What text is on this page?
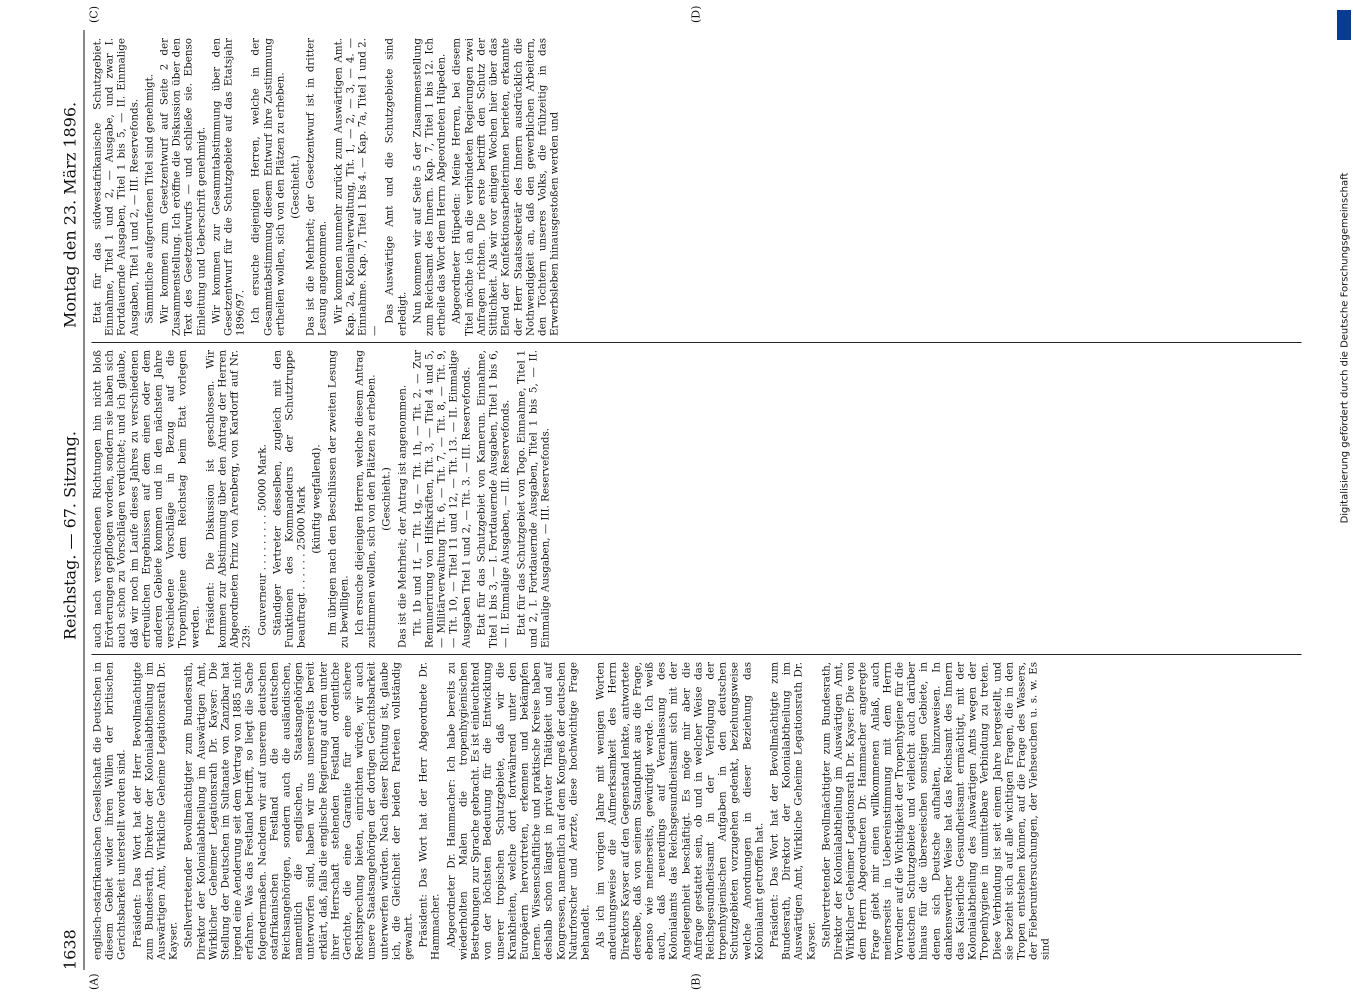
1638
Reichstag. — 67. Sitzung.
Montag den 23. März 1896.
(A)	(B)
(C)	(D)

englisch-ostafrikanischen Gesellschaft die Deutschen in diesem Gebiet wider ihren Willen der britischen Gerichtsbarkeit unterstellt worden sind. Präsident: Das Wort hat der Herr Bevollmächtigte zum Bundesrath, Direktor der Kolonialabtheilung im Auswärtigen Amt, Wirkliche Geheime Legationsrath Dr. Kayser. Stellvertretender Bevollmächtigter zum Bundesrath, Direktor der Kolonialabtheilung im Auswärtigen Amt, Wirklicher Geheimer Legationsrath Dr. Kayser: Die Stellung der Deutschen im Sultanate von Zanzibar hat irgend eine Aenderung seit dem Vertrag von 1885 nicht erfahren. Was das Festland betrifft, so liegt die Sache folgendermaßen. Nachdem wir auf unserem deutschen ostafrikanischen Festland die deutschen Reichsangehörigen, sondern auch die ausländischen, namentlich die englischen, Staatsangehörigen unterworfen sind, haben wir uns unsererseits bereit erklärt, daß, falls die englische Regierung auf dem unter ihrer Herrschaft stehenden Festland ordentliche Gerichte, die eine Garantie für eine sichere Rechtsprechung bieten, einrichten würde, wir auch unsere Staatsangehörigen der dortigen Gerichtsbarkeit unterwerfen würden. Nach dieser Richtung ist, glaube ich, die Gleichheit der beiden Parteien vollständig gewahrt. Präsident: Das Wort hat der Herr Abgeordnete Dr. Hammacher. Abgeordneter Dr. Hammacher: Ich habe bereits zu wiederholten Malen die tropenhygienischen Bestrebungen zur Sprache gebracht. Es ist einleuchtend von der höchsten Bedeutung für die Entwicklung unserer tropischen Schutzgebiete, daß wir die Krankheiten, welche dort fortwährend unter den Europäern hervortreten, erkennen und bekämpfen lernen. Wissenschaftliche und praktische Kreise haben deshalb schon längst in privater Thätigkeit und auf Kongressen, namentlich auf dem Kongreß der deutschen Naturforscher und Aerzte, diese hochwichtige Frage behandelt. Als ich im vorigen Jahre mit wenigen Worten andeutungsweise die Aufmerksamkeit des Herrn Direktors Kayser auf den Gegenstand lenkte, antwortete derselbe, daß von seinem Standpunkt aus die Frage, ebenso wie meinerseits, gewürdigt werde. Ich weiß auch, daß neuerdings auf Veranlassung des Kolonialamts das Reichsgesundheitsamt sich mit der Angelegenheit beschäftigt. Es möge mir aber die Anfrage gestattet sein, ob und in welcher Weise das Reichsgesundheitsamt in der Verfolgung der tropenhygienischen Aufgaben in den deutschen Schutzgebieten vorzugehen gedenkt, beziehungsweise welche Anordnungen in dieser Beziehung das Kolonialamt getroffen hat. Präsident: Das Wort hat der Bevollmächtigte zum Bundesrath, Direktor der Kolonialabtheilung im Auswärtigen Amt, Wirkliche Geheime Legationsrath Dr. Kayser. Stellvertretender Bevollmächtigter zum Bundesrath, Direktor der Kolonialabtheilung im Auswärtigen Amt, Wirklicher Geheimer Legationsrath Dr. Kayser: Die von dem Herrn Abgeordneten Dr. Hammacher angeregte Frage giebt mir einen willkommenen Anlaß, auch meinerseits in Uebereinstimmung mit dem Herrn Vorredner auf die Wichtigkeit der Tropenhygiene für die deutschen Schutzgebiete und vielleicht auch darüber hinaus für die überseeischen sonstigen Gebiete, in denen sich Deutsche aufhalten, hinzuweisen. In dankenswerther Weise hat das Reichsamt des Innern das Kaiserliche Gesundheitsamt ermächtigt, mit der Kolonialabtheilung des Auswärtigen Amts wegen der Tropenhygiene in unmittelbare Verbindung zu treten. Diese Verbindung ist seit einem Jahre hergestellt, und sie bezieht sich auf alle wichtigen Fragen, die in den Tropen entstehen können, auf die Frage des Wassers, der Fieberuntersuchungen, der Viehseuchen u. s. w. Es sind

auch nach verschiedenen Richtungen hin nicht bloß Erörterungen gepflogen worden, sondern sie haben sich auch schon zu Vorschlägen verdichtet; und ich glaube, daß wir noch im Laufe dieses Jahres zu verschiedenen erfreulichen Ergebnissen auf dem einen oder dem anderen Gebiete kommen und in den nächsten Jahre verschiedene Vorschläge in Bezug auf die Tropenhygiene dem Reichstag beim Etat vorlegen werden. Präsident: Die Diskussion ist geschlossen. Wir kommen zur Abstimmung über den Antrag der Herren Abgeordneten Prinz von Arenberg, von Kardorff auf Nr. 239:

Gouverneur . . . . . . . . . 50000 Mark. Ständiger Vertreter desselben, zugleich mit den Funktionen des Kommandeurs der Schutztruppe beauftragt . . . . . . 25000 Mark (künftig wegfallend). Im übrigen nach den Beschlüssen der zweiten Lesung zu bewilligen. Ich ersuche diejenigen Herren, welche diesem Antrag zustimmen wollen, sich von den Plätzen zu erheben. (Geschieht.) Das ist die Mehrheit; der Antrag ist angenommen. Tit. 1b und 1f, — Tit. 1g, — Tit. 1h, — Tit. 2. — Zur Remunerirung von Hilfskräften, Tit. 3, — Titel 4 und 5, — Militärverwaltung Tit. 6, — Tit. 7, — Tit. 8, — Tit. 9, — Tit. 10, — Titel 11 und 12, — Tit. 13. — II. Einmalige Ausgaben Titel 1 und 2, — Tit. 3. — III. Reservefonds. Etat für das Schutzgebiet von Kamerun. Einnahme, Titel 1 bis 3, — I. Fortdauernde Ausgaben, Titel 1 bis 6, — II. Einmalige Ausgaben, — III. Reservefonds. Etat für das Schutzgebiet von Togo. Einnahme, Titel 1 und 2, I. Fortdauernde Ausgaben, Titel 1 bis 5, — II. Einmalige Ausgaben, — III. Reservefonds.

Etat für das südwestafrikanische Schutzgebiet. Einnahme, Titel 1 und 2, — Ausgabe, und zwar I. Fortdauernde Ausgaben, Titel 1 bis 5, — II. Einmalige Ausgaben, Titel 1 und 2, — III. Reservefonds. Sämmtliche aufgerufenen Titel sind genehmigt. Wir kommen zum Gesetzentwurf auf Seite 2 der Zusammenstellung. Ich eröffne die Diskussion über den Text des Gesetzentwurfs — und schließe sie. Ebenso Einleitung und Ueberschrift genehmigt. Wir kommen zur Gesammtabstimmung über den Gesetzentwurf für die Schutzgebiete auf das Etatsjahr 1896/97. Ich ersuche diejenigen Herren, welche in der Gesammtabstimmung diesem Entwurf ihre Zustimmung ertheilen wollen, sich von den Plätzen zu erheben. (Geschieht.) Das ist die Mehrheit; der Gesetzentwurf ist in dritter Lesung angenommen. Wir kommen nunmehr zurück zum Auswärtigen Amt. Kap. 2a, Kolonialverwaltung, Tit. 1, — 2, — 3, — 4. — Einnahme. Kap. 7, Titel 1 bis 4. — Kap. 7a, Titel 1 und 2. —

Das Auswärtige Amt und die Schutzgebiete sind erledigt. Nun kommen wir auf Seite 5 der Zusammenstellung zum Reichsamt des Innern. Kap. 7, Titel 1 bis 12. Ich ertheile das Wort dem Herrn Abgeordneten Hüpeden. Abgeordneter Hüpeden: Meine Herren, bei diesem Titel möchte ich an die verbündeten Regierungen zwei Anfragen richten. Die erste betrifft den Schutz der Sittlichkeit. Als wir vor einigen Wochen hier über das Elend der Konfektionsarbeiterinnen berieten, erkannte der Herr Staatssekretär des Innern ausdrücklich die Nothwendigkeit an, daß den gewerblichen Arbeitern, den Töchtern unseres Volks, die frühzeitig in das Erwerbsleben hinausgestoßen werden und	Digitalisierung gefördert durch die Deutsche Forschungsgemeinschaft
